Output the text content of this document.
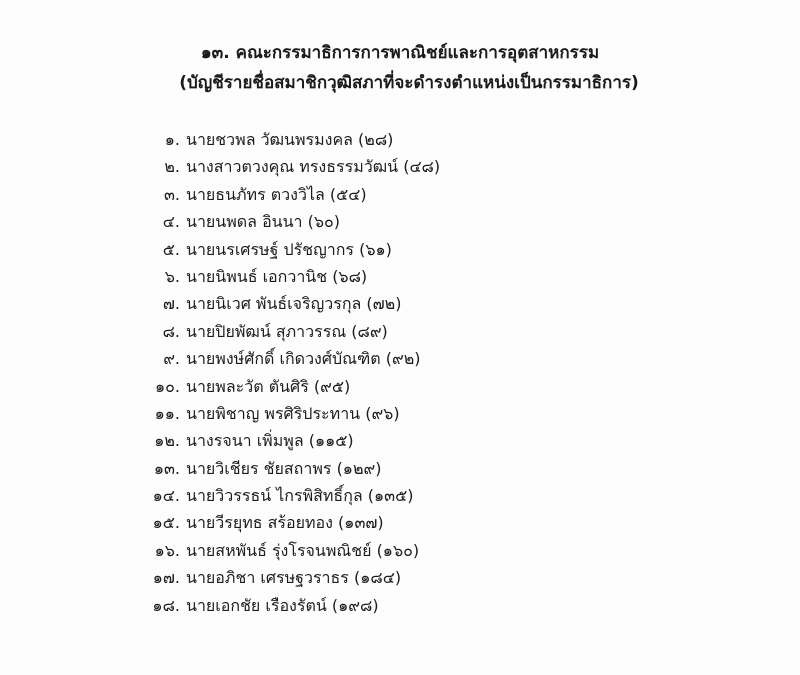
๑๓. คณะกรรมาธิการการพาณิชย์และการอุตสาหกรรม
(บัญชีรายชื่อสมาชิกวุฒิสภาที่จะดำรงตำแหน่งเป็นกรรมาธิการ)
๑. นายชวพล วัฒนพรมงคล (๒๘)
๒. นางสาวตวงคุณ ทรงธรรมวัฒน์ (๔๘)
๓. นายธนภัทร ตวงวิไล (๕๔)
๔. นายนพดล อินนา (๖๐)
๕. นายนรเศรษฐ์ ปรัชญากร (๖๑)
๖. นายนิพนธ์ เอกวานิช (๖๘)
๗. นายนิเวศ พันธ์เจริญวรกุล (๗๒)
๘. นายปิยพัฒน์ สุภาวรรณ (๘๙)
๙. นายพงษ์ศักดิ์ เกิดวงศ์บัณฑิต (๙๒)
๑๐. นายพละวัต ตันศิริ (๙๕)
๑๑. นายพิชาญ พรศิริประทาน (๙๖)
๑๒. นางรจนา เพิ่มพูล (๑๑๕)
๑๓. นายวิเชียร ชัยสถาพร (๑๒๙)
๑๔. นายวิวรรธน์ ไกรพิสิทธิ์กุล (๑๓๕)
๑๕. นายวีรยุทธ สร้อยทอง (๑๓๗)
๑๖. นายสหพันธ์ รุ่งโรจนพณิชย์ (๑๖๐)
๑๗. นายอภิชา เศรษฐวราธร (๑๘๔)
๑๘. นายเอกชัย เรืองรัตน์ (๑๙๘)
